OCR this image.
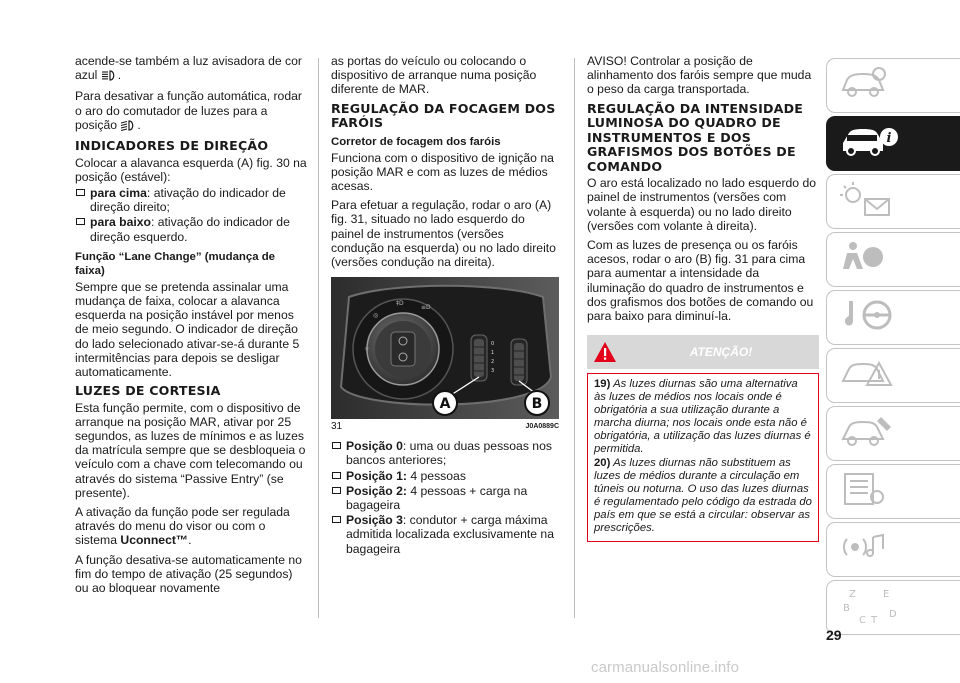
acende-se também a luz avisadora de cor azul .

Para desativar a função automática, rodar o aro do comutador de luzes para a posição .

INDICADORES DE DIREÇÃO

Colocar a alavanca esquerda (A) fig. 30 na posição (estável):

para cima: ativação do indicador de direção direito;
para baixo: ativação do indicador de direção esquerdo.
Função “Lane Change” (mudança de faixa)

Sempre que se pretenda assinalar uma mudança de faixa, colocar a alavanca esquerda na posição instável por menos de meio segundo. O indicador de direção do lado selecionado ativar-se-á durante 5 intermitências para depois se desligar automaticamente.

LUZES DE CORTESIA

Esta função permite, com o dispositivo de arranque na posição MAR, ativar por 25 segundos, as luzes de mínimos e as luzes da matrícula sempre que se desbloqueia o veículo com a chave com telecomando ou através do sistema “Passive Entry” (se presente).

A ativação da função pode ser regulada através do menu do visor ou com o sistema Uconnect™.

A função desativa-se automaticamente no fim do tempo de ativação (25 segundos) ou ao bloquear novamente

as portas do veículo ou colocando o dispositivo de arranque numa posição diferente de MAR.

REGULAÇÃO DA FOCAGEM DOS FARÓIS
Corretor de focagem dos faróis

Funciona com o dispositivo de ignição na posição MAR e com as luzes de médios acesas.

Para efetuar a regulação, rodar o aro (A) fig. 31, situado no lado esquerdo do painel de instrumentos (versões condução na esquerda) ou no lado direito (versões condução na direita).

◎
‡D
≡D
☼
0
1
2
3
A	B
31	J0A0889C
Posição 0: uma ou duas pessoas nos bancos anteriores;
Posição 1: 4 pessoas
Posição 2: 4 pessoas + carga na bagageira
Posição 3: condutor + carga máxima admitida localizada exclusivamente na bagageira

AVISO! Controlar a posição de alinhamento dos faróis sempre que muda o peso da carga transportada.

REGULAÇÃO DA INTENSIDADE LUMINOSA DO QUADRO DE INSTRUMENTOS E DOS GRAFISMOS DOS BOTÕES DE COMANDO

O aro está localizado no lado esquerdo do painel de instrumentos (versões com volante à esquerda) ou no lado direito (versões com volante à direita).

Com as luzes de presença ou os faróis acesos, rodar o aro (B) fig. 31 para cima para aumentar a intensidade da iluminação do quadro de instrumentos e dos grafismos dos botões de comando ou para baixo para diminuí-la.

ATENÇÃO!

19) As luzes diurnas são uma alternativa às luzes de médios nos locais onde é obrigatória a sua utilização durante a marcha diurna; nos locais onde esta não é obrigatória, a utilização das luzes diurnas é permitida.

20) As luzes diurnas não substituem as luzes de médios durante a circulação em túneis ou noturna. O uso das luzes diurnas é regulamentado pelo código da estrada do país em que se está a circular: observar as prescrições.

i
Z	E
B
C T
D
29
carmanualsonline.info
